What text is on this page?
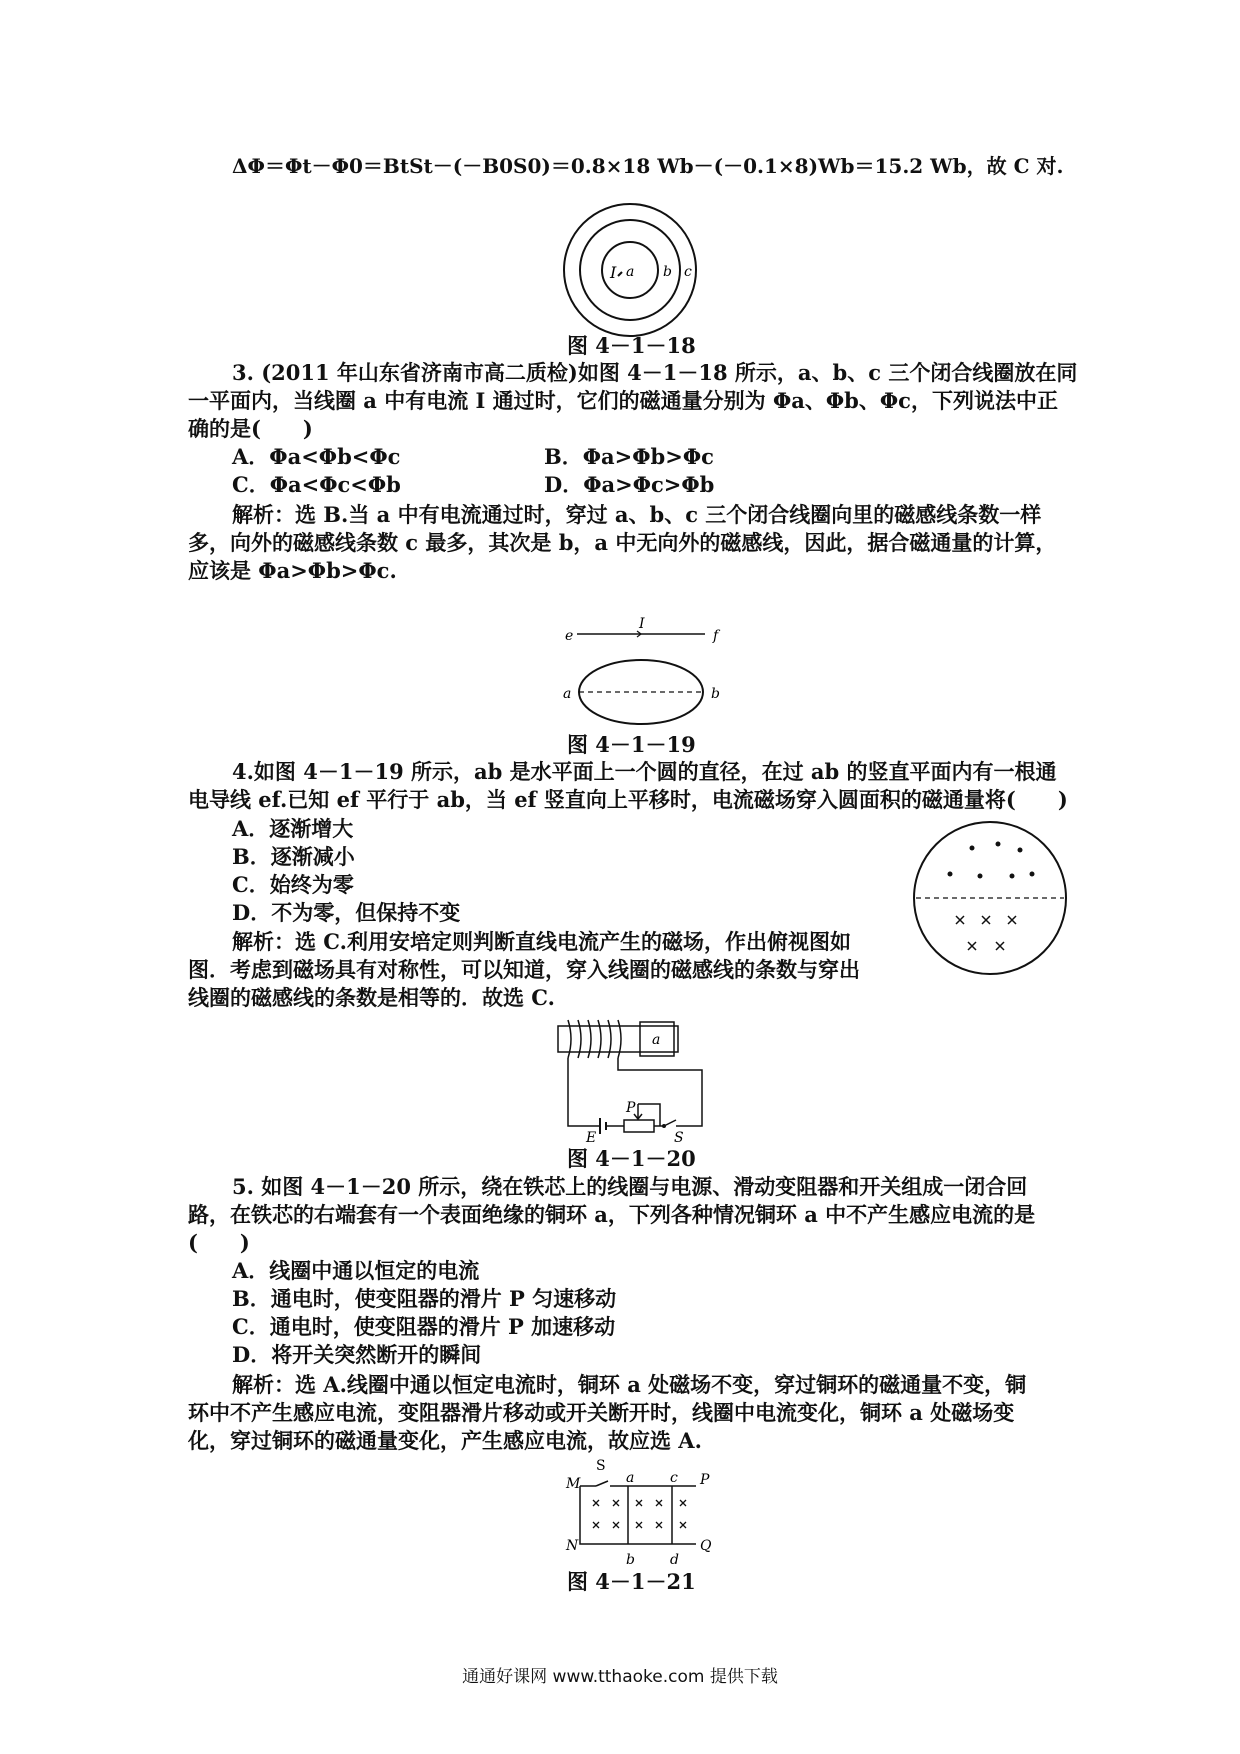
ΔΦ＝Φt－Φ0＝BtSt－(－B0S0)＝0.8×18 Wb－(－0.1×8)Wb＝15.2 Wb，故 C 对.
I a b c
图 4－1－18
3. (2011 年山东省济南市高二质检)如图 4－1－18 所示，a、b、c 三个闭合线圈放在同
一平面内，当线圈 a 中有电流 I 通过时，它们的磁通量分别为 Φa、Φb、Φc，下列说法中正
确的是(　　)
A．Φa<Φb<Φc	B．Φa>Φb>Φc
C．Φa<Φc<Φb	D．Φa>Φc>Φb
解析：选 B.当 a 中有电流通过时，穿过 a、b、c 三个闭合线圈向里的磁感线条数一样
多，向外的磁感线条数 c 最多，其次是 b，a 中无向外的磁感线，因此，据合磁通量的计算，
应该是 Φa>Φb>Φc.
e	f
I
a	b
图 4－1－19
4.如图 4－1－19 所示，ab 是水平面上一个圆的直径，在过 ab 的竖直平面内有一根通
电导线 ef.已知 ef 平行于 ab，当 ef 竖直向上平移时，电流磁场穿入圆面积的磁通量将(　　)
A．逐渐增大
B．逐渐减小
C．始终为零
D．不为零，但保持不变
解析：选 C.利用安培定则判断直线电流产生的磁场，作出俯视图如
图．考虑到磁场具有对称性，可以知道，穿入线圈的磁感线的条数与穿出
线圈的磁感线的条数是相等的．故选 C.
a
P
E	S
图 4－1－20
5. 如图 4－1－20 所示，绕在铁芯上的线圈与电源、滑动变阻器和开关组成一闭合回
路，在铁芯的右端套有一个表面绝缘的铜环 a，下列各种情况铜环 a 中不产生感应电流的是
(　　)
A．线圈中通以恒定的电流
B．通电时，使变阻器的滑片 P 匀速移动
C．通电时，使变阻器的滑片 P 加速移动
D．将开关突然断开的瞬间
解析：选 A.线圈中通以恒定电流时，铜环 a 处磁场不变，穿过铜环的磁通量不变，铜
环中不产生感应电流，变阻器滑片移动或开关断开时，线圈中电流变化，铜环 a 处磁场变
化，穿过铜环的磁通量变化，产生感应电流，故应选 A.
S
a	c P
M
N	Q
b	d
图 4－1－21
通通好课网 www.tthaoke.com 提供下载
